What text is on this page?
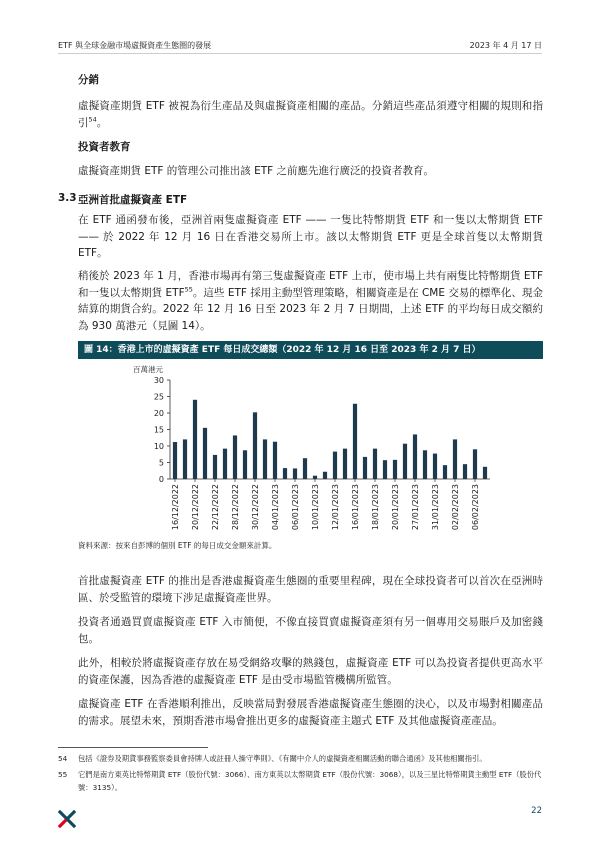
ETF 與全球金融市場虛擬資產生態圈的發展	2023 年 4 月 17 日
分銷
虛擬資產期貨 ETF 被視為衍生產品及與虛擬資產相關的產品。分銷這些產品須遵守相關的規則和指引$^{54}$。
投資者教育
虛擬資產期貨 ETF 的管理公司推出該 ETF 之前應先進行廣泛的投資者教育。
3.3 亞洲首批虛擬資產 ETF
在 ETF 通函發布後，亞洲首兩隻虛擬資產 ETF —— 一隻比特幣期貨 ETF 和一隻以太幣期貨 ETF —— 於 2022 年 12 月 16 日在香港交易所上市。該以太幣期貨 ETF 更是全球首隻以太幣期貨 ETF。
稍後於 2023 年 1 月，香港市場再有第三隻虛擬資產 ETF 上市，使市場上共有兩隻比特幣期貨 ETF 和一隻以太幣期貨 ETF$^{55}$。這些 ETF 採用主動型管理策略，相關資產是在 CME 交易的標準化、現金結算的期貨合約。2022 年 12 月 16 日至 2023 年 2 月 7 日期間，上述 ETF 的平均每日成交額約為 930 萬港元（見圖 14）。
圖 14：香港上市的虛擬資產 ETF 每日成交總額（2022 年 12 月 16 日至 2023 年 2 月 7 日）
百萬港元
0
5
10
15
20
25
30
16/12/2022 20/12/2022 22/12/2022 28/12/2022 30/12/2022 04/01/2023 06/01/2023 10/01/2023 12/01/2023 16/01/2023 18/01/2023 20/01/2023 27/01/2023 31/01/2023 02/02/2023 06/02/2023
資料來源：按來自彭博的個別 ETF 的每日成交金額來計算。
首批虛擬資產 ETF 的推出是香港虛擬資產生態圈的重要里程碑，現在全球投資者可以首次在亞洲時區、於受監管的環境下涉足虛擬資產世界。
投資者通過買賣虛擬資產 ETF 入市簡便，不像直接買賣虛擬資產須有另一個專用交易賬戶及加密錢包。
此外，相較於將虛擬資產存放在易受網絡攻擊的熱錢包，虛擬資產 ETF 可以為投資者提供更高水平的資產保護，因為香港的虛擬資產 ETF 是由受市場監管機構所監管。
虛擬資產 ETF 在香港順利推出，反映當局對發展香港虛擬資產生態圈的決心，以及市場對相關產品的需求。展望未來，預期香港市場會推出更多的虛擬資產主題式 ETF 及其他虛擬資產產品。
54 包括《證券及期貨事務監察委員會持牌人或註冊人操守準則》、《有關中介人的虛擬資產相關活動的聯合通函》及其他相關指引。
55 它們是南方東英比特幣期貨 ETF（股份代號：3066）、南方東英以太幣期貨 ETF（股份代號：3068），以及三星比特幣期貨主動型 ETF（股份代號：3135）。
22
